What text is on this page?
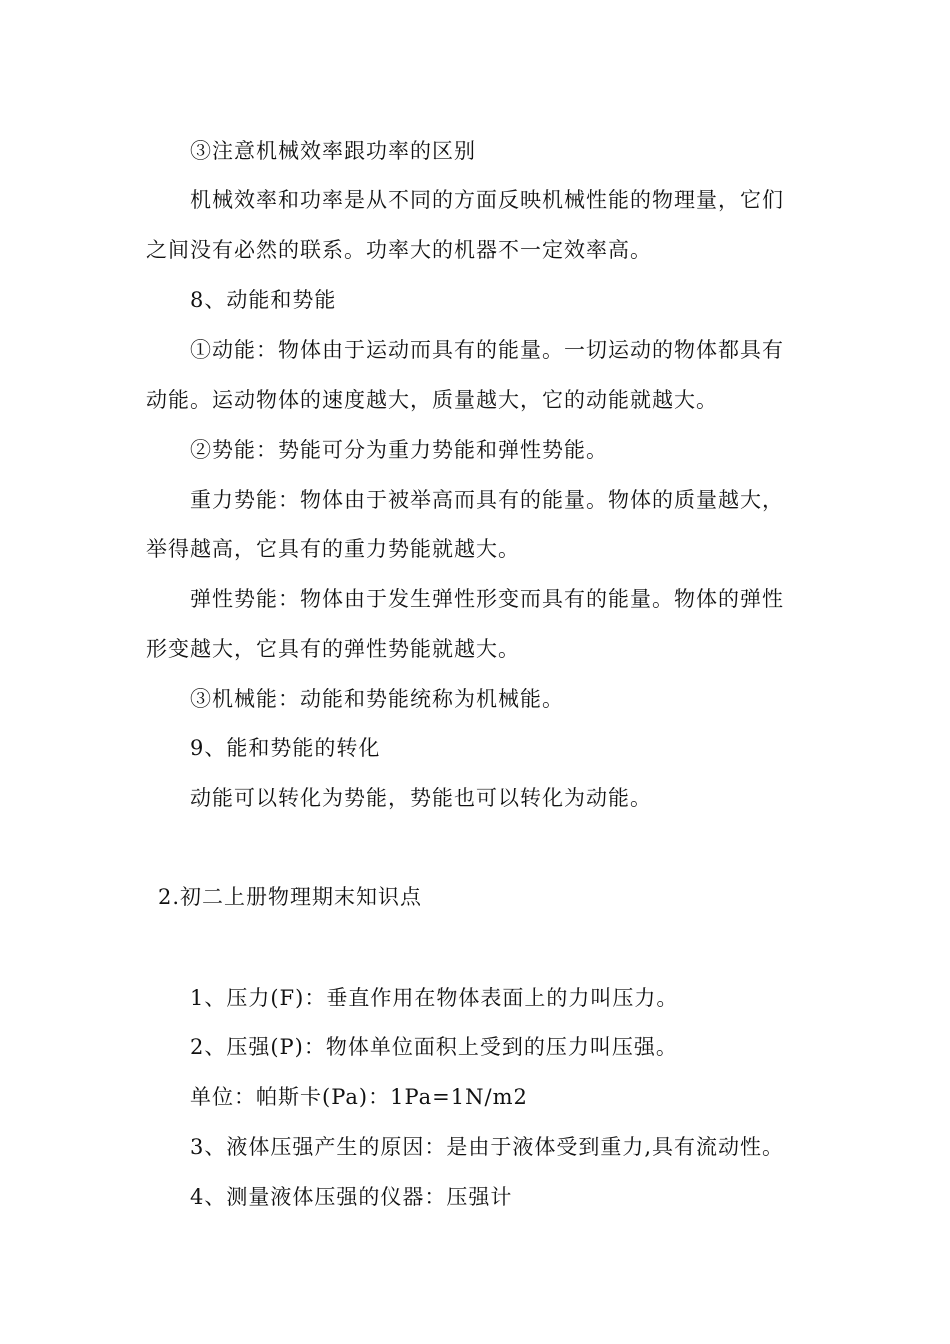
③注意机械效率跟功率的区别
机械效率和功率是从不同的方面反映机械性能的物理量，它们
之间没有必然的联系。功率大的机器不一定效率高。
8、动能和势能
①动能：物体由于运动而具有的能量。一切运动的物体都具有
动能。运动物体的速度越大，质量越大，它的动能就越大。
②势能：势能可分为重力势能和弹性势能。
重力势能：物体由于被举高而具有的能量。物体的质量越大，
举得越高，它具有的重力势能就越大。
弹性势能：物体由于发生弹性形变而具有的能量。物体的弹性
形变越大，它具有的弹性势能就越大。
③机械能：动能和势能统称为机械能。
9、能和势能的转化
动能可以转化为势能，势能也可以转化为动能。
2.初二上册物理期末知识点
1、压力(F)：垂直作用在物体表面上的力叫压力。
2、压强(P)：物体单位面积上受到的压力叫压强。
单位：帕斯卡(Pa)：1Pa=1N/m2
3、液体压强产生的原因：是由于液体受到重力,具有流动性。
4、测量液体压强的仪器：压强计
